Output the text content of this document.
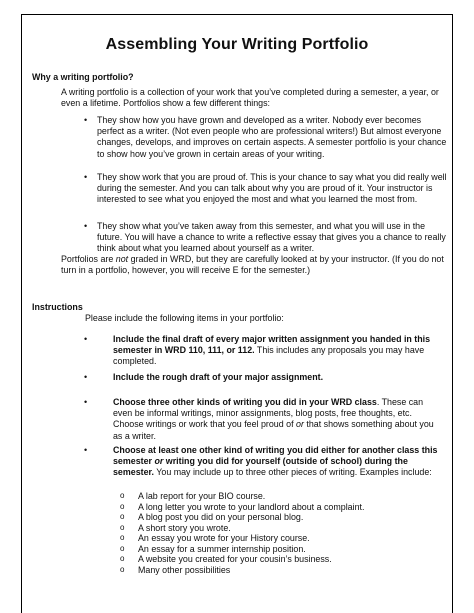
Assembling Your Writing Portfolio
Why a writing portfolio?
A writing portfolio is a collection of your work that you’ve completed during a semester, a year, or even a lifetime. Portfolios show a few different things:
• They show how you have grown and developed as a writer. Nobody ever becomes perfect as a writer. (Not even people who are professional writers!) But almost everyone changes, develops, and improves on certain aspects. A semester portfolio is your chance to show how you’ve grown in certain areas of your writing.
• They show work that you are proud of. This is your chance to say what you did really well during the semester. And you can talk about why you are proud of it. Your instructor is interested to see what you enjoyed the most and what you learned the most from.
• They show what you’ve taken away from this semester, and what you will use in the future. You will have a chance to write a reflective essay that gives you a chance to really think about what you learned about yourself as a writer.
Portfolios are not graded in WRD, but they are carefully looked at by your instructor. (If you do not turn in a portfolio, however, you will receive E for the semester.)
Instructions
Please include the following items in your portfolio:
•	Include the final draft of every major written assignment you handed in this semester in WRD 110, 111, or 112. This includes any proposals you may have completed.
•	Include the rough draft of your major assignment.
•	Choose three other kinds of writing you did in your WRD class. These can even be informal writings, minor assignments, blog posts, free thoughts, etc. Choose writings or work that you feel proud of or that shows something about you as a writer.
•	Choose at least one other kind of writing you did either for another class this semester or writing you did for yourself (outside of school) during the semester. You may include up to three other pieces of writing. Examples include:
o A lab report for your BIO course.
o A long letter you wrote to your landlord about a complaint.
o A blog post you did on your personal blog.
o A short story you wrote.
o An essay you wrote for your History course.
o An essay for a summer internship position.
o A website you created for your cousin’s business.
o Many other possibilities
